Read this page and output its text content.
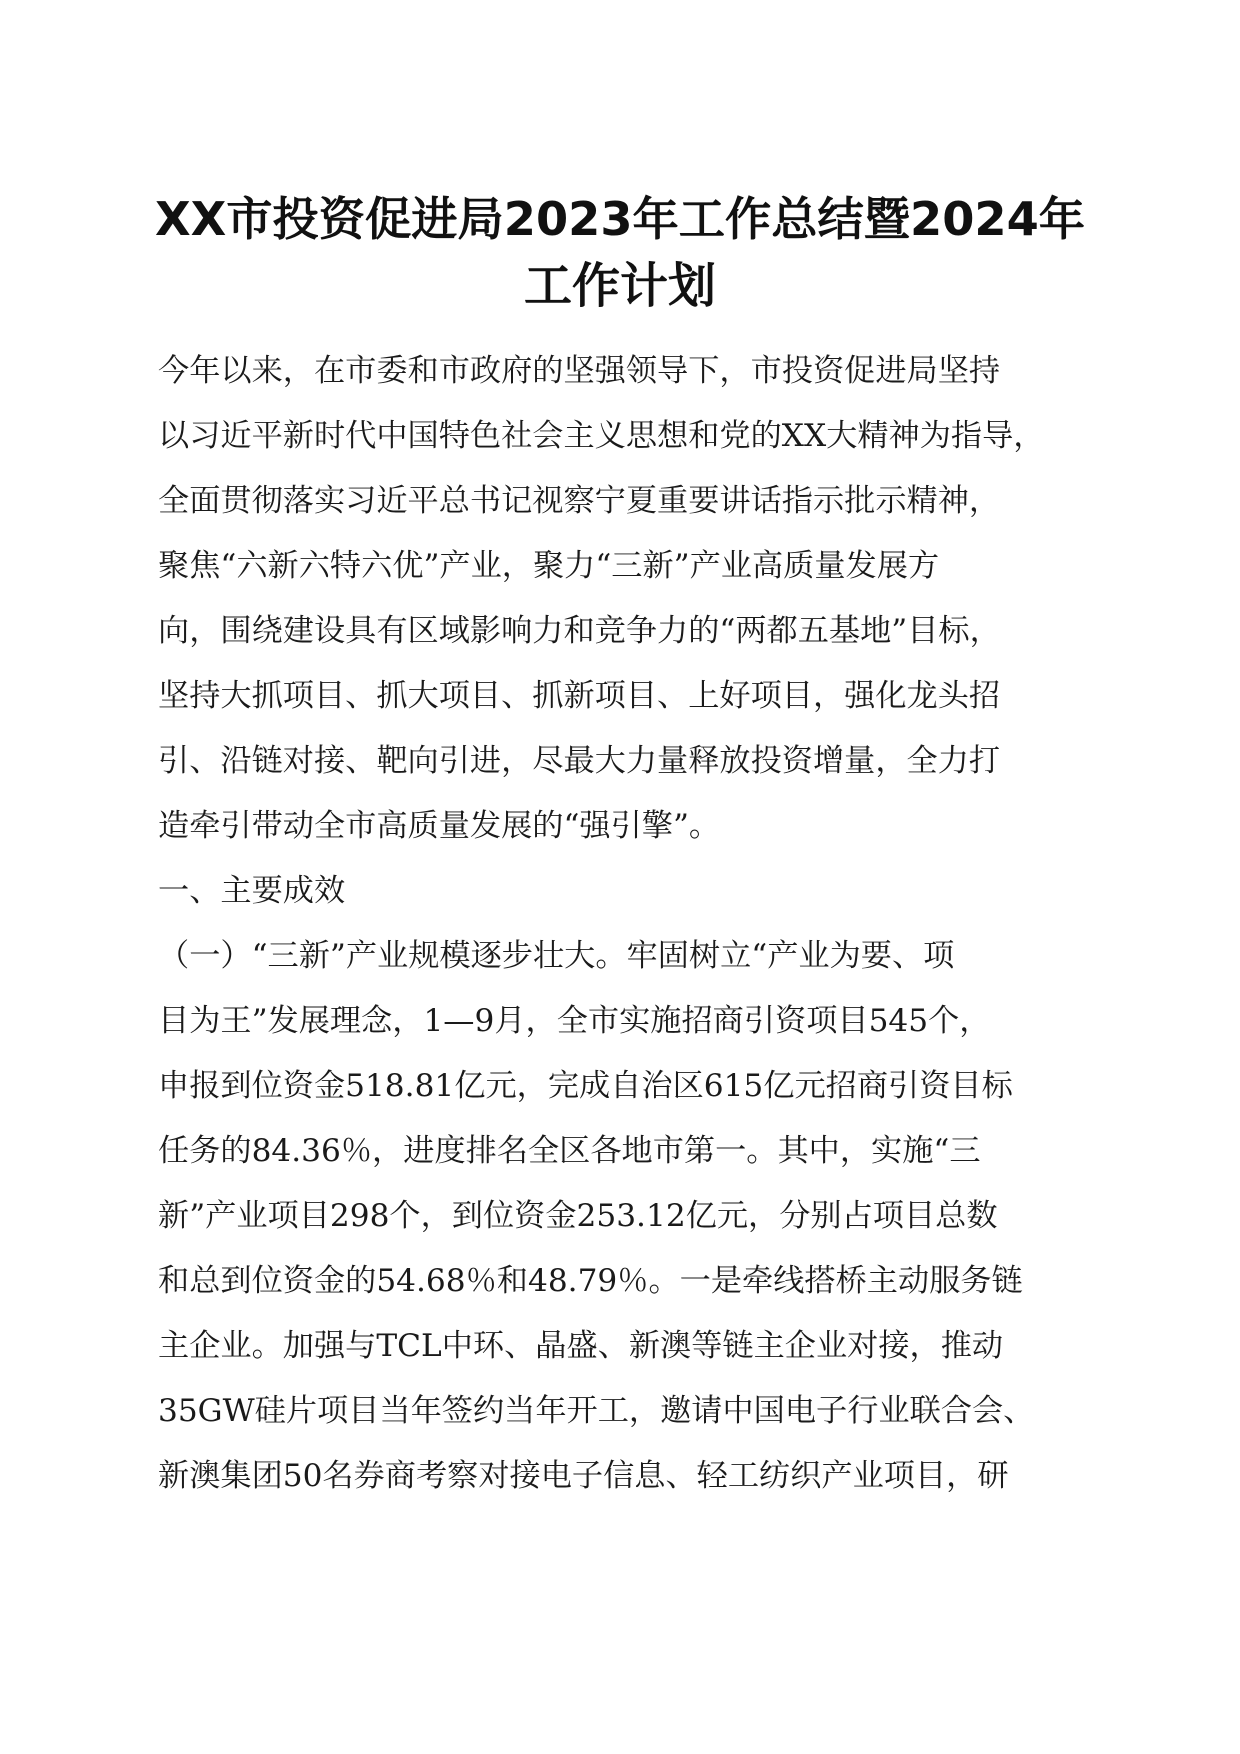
XX市投资促进局2023年工作总结暨2024年
工作计划

今年以来，在市委和市政府的坚强领导下，市投资促进局坚持

以习近平新时代中国特色社会主义思想和党的XX大精神为指导，

全面贯彻落实习近平总书记视察宁夏重要讲话指示批示精神，

聚焦“六新六特六优”产业，聚力“三新”产业高质量发展方

向，围绕建设具有区域影响力和竞争力的“两都五基地”目标，

坚持大抓项目、抓大项目、抓新项目、上好项目，强化龙头招

引、沿链对接、靶向引进，尽最大力量释放投资增量，全力打

造牵引带动全市高质量发展的“强引擎”。

一、主要成效

（一）“三新”产业规模逐步壮大。牢固树立“产业为要、项

目为王”发展理念，1—9月，全市实施招商引资项目545个，

申报到位资金518.81亿元，完成自治区615亿元招商引资目标

任务的84.36％，进度排名全区各地市第一。其中，实施“三

新”产业项目298个，到位资金253.12亿元，分别占项目总数

和总到位资金的54.68％和48.79％。一是牵线搭桥主动服务链

主企业。加强与TCL中环、晶盛、新澳等链主企业对接，推动

35GW硅片项目当年签约当年开工，邀请中国电子行业联合会、

新澳集团50名券商考察对接电子信息、轻工纺织产业项目，研
